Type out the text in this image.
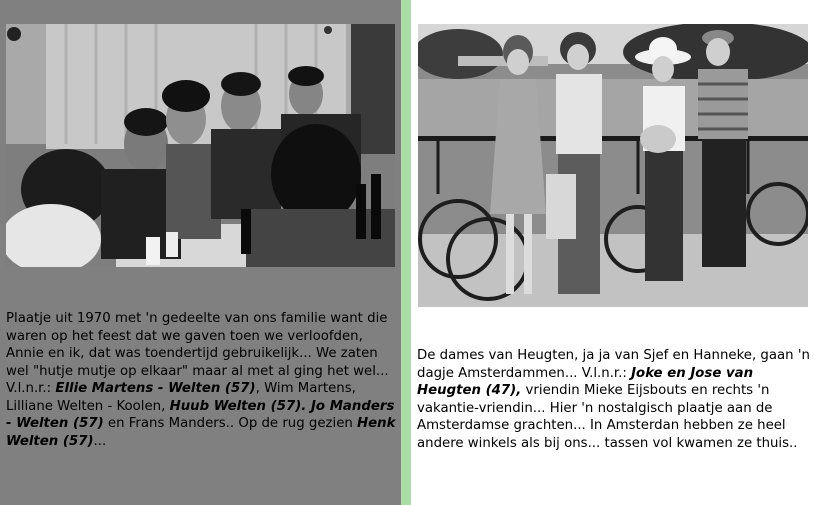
Plaatje uit 1970 met 'n gedeelte van ons familie want die waren op het feest dat we gaven toen we verloofden, Annie en ik, dat was toendertijd gebruikelijk... We zaten wel "hutje mutje op elkaar" maar al met al ging het wel... V.l.n.r.: Ellie Martens - Welten (57), Wim Martens, Lilliane Welten - Koolen, Huub Welten (57). Jo Manders - Welten (57) en Frans Manders.. Op de rug gezien Henk Welten (57)...
De dames van Heugten, ja ja van Sjef en Hanneke, gaan 'n dagje Amsterdammen... V.l.n.r.: Joke en Jose van Heugten (47), vriendin Mieke Eijsbouts en rechts 'n vakantie-vriendin... Hier 'n nostalgisch plaatje aan de Amsterdamse grachten... In Amsterdan hebben ze heel andere winkels als bij ons... tassen vol kwamen ze thuis..
